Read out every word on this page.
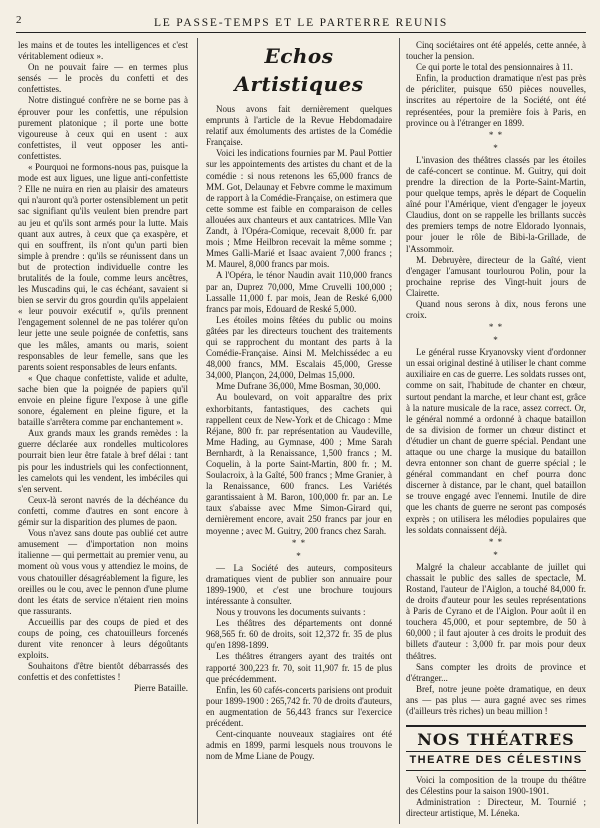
2	LE PASSE-TEMPS ET LE PARTERRE REUNIS

les mains et de toutes les intelligences et c'est véritablement odieux ».

On ne pouvait faire — en termes plus sensés — le procès du confetti et des confettistes.

Notre distingué confrère ne se borne pas à éprouver pour les confettis, une répulsion purement platonique ; il porte une botte vigoureuse à ceux qui en usent : aux confettistes, il veut opposer les anti-confettistes.

« Pourquoi ne formons-nous pas, puisque la mode est aux ligues, une ligue anti-confettiste ? Elle ne nuira en rien au plaisir des amateurs qui n'auront qu'à porter ostensiblement un petit sac signifiant qu'ils veulent bien prendre part au jeu et qu'ils sont armés pour la lutte. Mais quant aux autres, à ceux que ça exaspère, et qui en souffrent, ils n'ont qu'un parti bien simple à prendre : qu'ils se réunissent dans un but de protection individuelle contre les brutalités de la foule, comme leurs ancêtres, les Muscadins qui, le cas échéant, savaient si bien se servir du gros gourdin qu'ils appelaient « leur pouvoir exécutif », qu'ils prennent l'engagement solennel de ne pas tolérer qu'on leur jette une seule poignée de confettis, sans que les mâles, amants ou maris, soient responsables de leur femelle, sans que les parents soient responsables de leurs enfants.

« Que chaque confettiste, valide et adulte, sache bien que la poignée de papiers qu'il envoie en pleine figure l'expose à une gifle sonore, également en pleine figure, et la bataille s'arrêtera comme par enchantement ».

Aux grands maux les grands remèdes : la guerre déclarée aux rondelles multicolores pourrait bien leur être fatale à bref délai : tant pis pour les industriels qui les confectionnent, les camelots qui les vendent, les imbéciles qui s'en servent.

Ceux-là seront navrés de la déchéance du confetti, comme d'autres en sont encore à gémir sur la disparition des plumes de paon.

Vous n'avez sans doute pas oublié cet autre amusement — d'importation non moins italienne — qui permettait au premier venu, au moment où vous vous y attendiez le moins, de vous chatouiller désagréablement la figure, les oreilles ou le cou, avec le pennon d'une plume dont les états de service n'étaient rien moins que rassurants.

Accueillis par des coups de pied et des coups de poing, ces chatouilleurs forcenés durent vite renoncer à leurs dégoûtants exploits.

Souhaitons d'être bientôt débarrassés des confettis et des confettistes !

Pierre Bataille.

Echos Artistiques

Nous avons fait dernièrement quelques emprunts à l'article de la Revue Hebdomadaire relatif aux émoluments des artistes de la Comédie Française.

Voici les indications fournies par M. Paul Pottier sur les appointements des artistes du chant et de la comédie : si nous retenons les 65,000 francs de MM. Got, Delaunay et Febvre comme le maximum de rapport à la Comédie-Française, on estimera que cette somme est faible en comparaison de celles allouées aux chanteurs et aux cantatrices. Mlle Van Zandt, à l'Opéra-Comique, recevait 8,000 fr. par mois ; Mme Heilbron recevait la même somme ; Mmes Galli-Marié et Isaac avaient 7,000 francs ; M. Maurel, 8,000 francs par mois.

A l'Opéra, le ténor Naudin avait 110,000 francs par an, Duprez 70,000, Mme Cruvelli 100,000 ; Lassalle 11,000 f. par mois, Jean de Reské 6,000 francs par mois, Edouard de Reské 5,000.

Les étoiles moins fêtées du public ou moins gâtées par les directeurs touchent des traitements qui se rapprochent du montant des parts à la Comédie-Française. Ainsi M. Melchissédec a eu 48,000 francs, MM. Escalais 45,000, Gresse 34,000, Plançon, 24,000, Delmas 15,000.

Mme Dufrane 36,000, Mme Bosman, 30,000.

Au boulevard, on voit apparaître des prix exhorbitants, fantastiques, des cachets qui rappellent ceux de New-York et de Chicago : Mme Réjane, 800 fr. par représentation au Vaudeville, Mme Hading, au Gymnase, 400 ; Mme Sarah Bernhardt, à la Renaissance, 1,500 francs ; M. Coquelin, à la porte Saint-Martin, 800 fr. ; M. Soulacroix, à la Gaîté, 500 francs ; Mme Granier, à la Renaissance, 600 francs. Les Variétés garantissaient à M. Baron, 100,000 fr. par an. Le taux s'abaisse avec Mme Simon-Girard qui, dernièrement encore, avait 250 francs par jour en moyenne ; avec M. Guitry, 200 francs chez Sarah.

* *
*

— La Société des auteurs, compositeurs dramatiques vient de publier son annuaire pour 1899-1900, et c'est une brochure toujours intéressante à consulter.

Nous y trouvons les documents suivants :

Les théâtres des départements ont donné 968,565 fr. 60 de droits, soit 12,372 fr. 35 de plus qu'en 1898-1899.

Les théâtres étrangers ayant des traités ont rapporté 300,223 fr. 70, soit 11,907 fr. 15 de plus que précédemment.

Enfin, les 60 cafés-concerts parisiens ont produit pour 1899-1900 : 265,742 fr. 70 de droits d'auteurs, en augmentation de 56,443 francs sur l'exercice précédent.

Cent-cinquante nouveaux stagiaires ont été admis en 1899, parmi lesquels nous trouvons le nom de Mme Liane de Pougy.

Cinq sociétaires ont été appelés, cette année, à toucher la pension.

Ce qui porte le total des pensionnaires à 11.

Enfin, la production dramatique n'est pas près de péricliter, puisque 650 pièces nouvelles, inscrites au répertoire de la Société, ont été représentées, pour la première fois à Paris, en province ou à l'étranger en 1899.

* *
*

L'invasion des théâtres classés par les étoiles de café-concert se continue. M. Guitry, qui doit prendre la direction de la Porte-Saint-Martin, pour quelque temps, après le départ de Coquelin aîné pour l'Amérique, vient d'engager le joyeux Claudius, dont on se rappelle les brillants succès des premiers temps de notre Eldorado lyonnais, pour jouer le rôle de Bibi-la-Grillade, de l'Assommoir.

M. Debruyère, directeur de la Gaîté, vient d'engager l'amusant tourlourou Polin, pour la prochaine reprise des Vingt-huit jours de Clairette.

Quand nous serons à dix, nous ferons une croix.

* *
*

Le général russe Kryanovsky vient d'ordonner un essai original destiné à utiliser le chant comme auxiliaire en cas de guerre. Les soldats russes ont, comme on sait, l'habitude de chanter en chœur, surtout pendant la marche, et leur chant est, grâce à la nature musicale de la race, assez correct. Or, le général nommé a ordonné à chaque bataillon de sa division de former un chœur distinct et d'étudier un chant de guerre spécial. Pendant une attaque ou une charge la musique du bataillon devra entonner son chant de guerre spécial ; le général commandant en chef pourra donc discerner à distance, par le chant, quel bataillon se trouve engagé avec l'ennemi. Inutile de dire que les chants de guerre ne seront pas composés exprès ; on utilisera les mélodies populaires que les soldats connaissent déjà.

* *
*

Malgré la chaleur accablante de juillet qui chassait le public des salles de spectacle, M. Rostand, l'auteur de l'Aiglon, a touché 84,000 fr. de droits d'auteur pour les seules représentations à Paris de Cyrano et de l'Aiglon. Pour août il en touchera 45,000, et pour septembre, de 50 à 60,000 ; il faut ajouter à ces droits le produit des billets d'auteur : 3,000 fr. par mois pour deux théâtres.

Sans compter les droits de province et d'étranger...

Bref, notre jeune poète dramatique, en deux ans — pas plus — aura gagné avec ses rimes (d'ailleurs très riches) un beau million !

NOS THÉATRES
THEATRE DES CÉLESTINS

Voici la composition de la troupe du théâtre des Célestins pour la saison 1900-1901.

Administration : Directeur, M. Tournié ; directeur artistique, M. Léneka.
